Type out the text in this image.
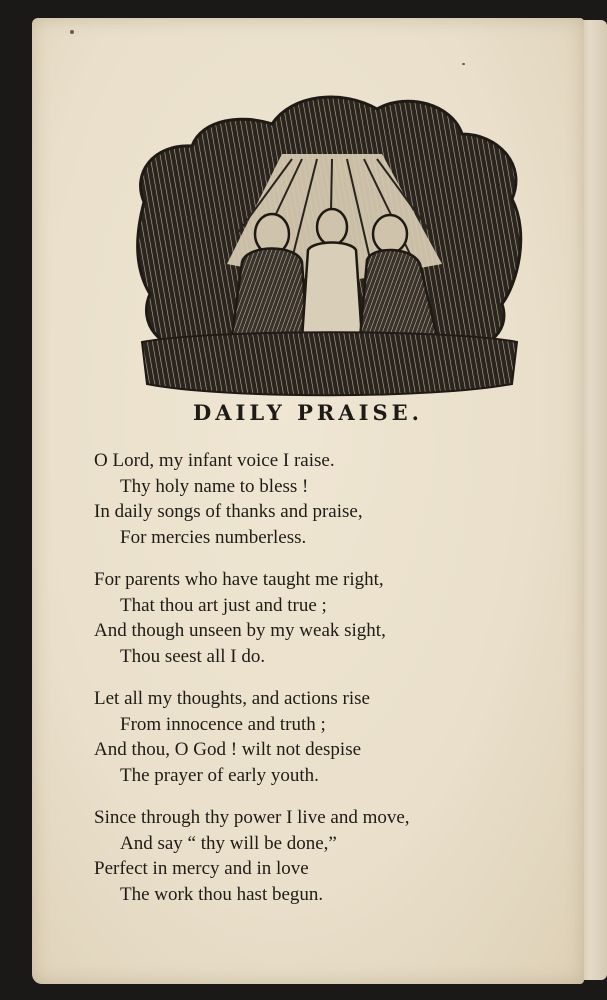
DAILY PRAISE.
O Lord, my infant voice I raise.
Thy holy name to bless !
In daily songs of thanks and praise,
For mercies numberless.
For parents who have taught me right,
That thou art just and true ;
And though unseen by my weak sight,
Thou seest all I do.
Let all my thoughts, and actions rise
From innocence and truth ;
And thou, O God ! wilt not despise
The prayer of early youth.
Since through thy power I live and move,
And say “ thy will be done,”
Perfect in mercy and in love
The work thou hast begun.
